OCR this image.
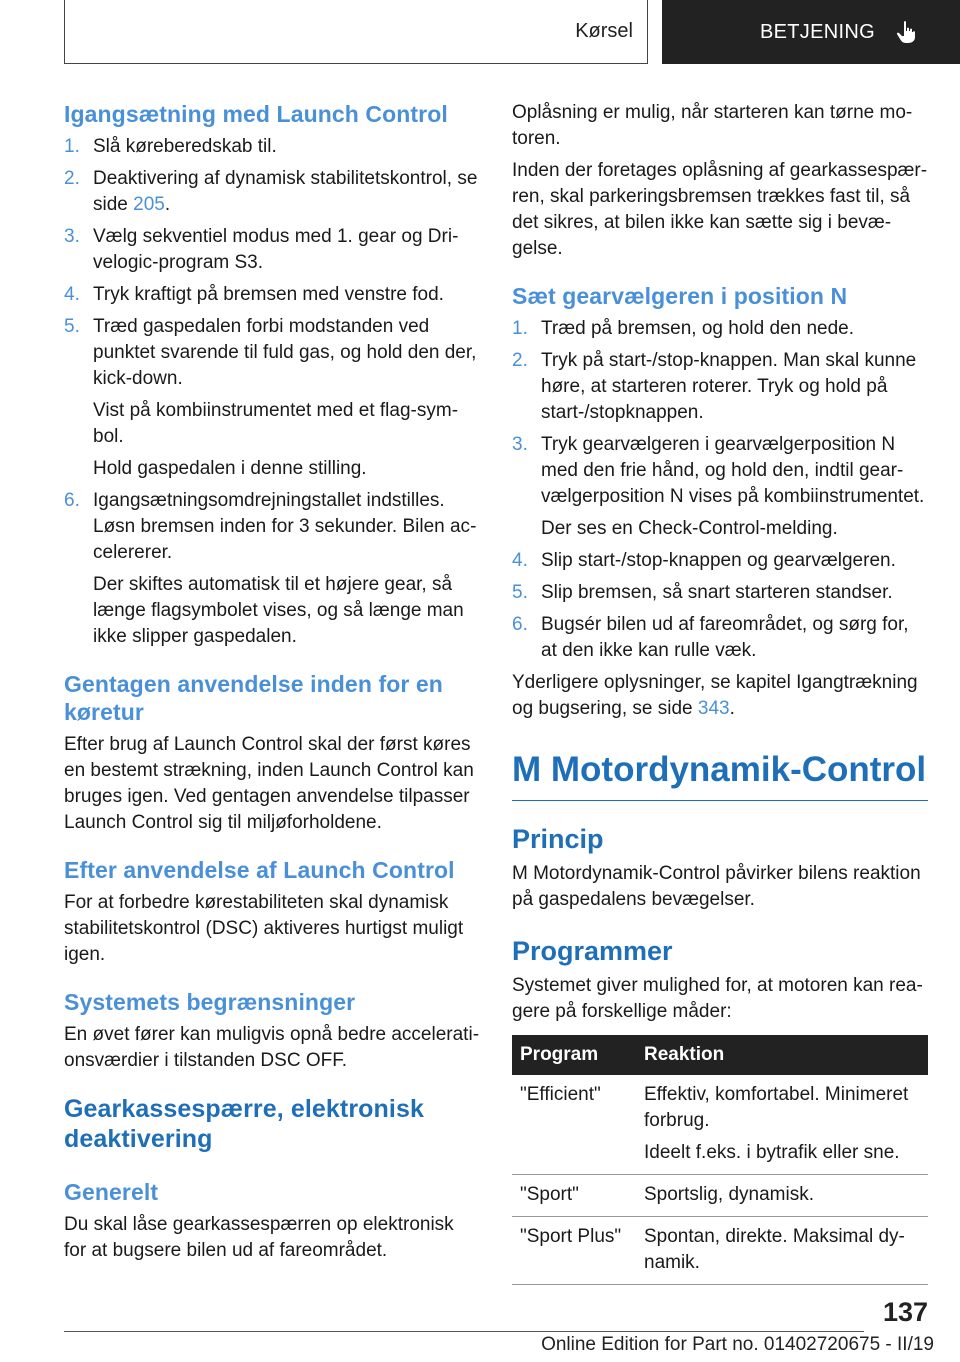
Kørsel	BETJENING
Igangsætning med Launch Control
1. Slå kørеberedskab til.
2. Deaktivering af dynamisk stabilitetskontrol, se side 205.
3. Vælg sekventiel modus med 1. gear og Drivelogic-program S3.
4. Tryk kraftigt på bremsen med venstre fod.
5. Træd gaspedalen forbi modstanden ved punktet svarende til fuld gas, og hold den der, kick-down.

Vist på kombiinstrumentet med et flag-symbol.

Hold gaspedalen i denne stilling.

6. Igangsætningsomdrejningstallet indstilles. Løsn bremsen inden for 3 sekunder. Bilen accelererer.

Der skiftes automatisk til et højere gear, så længe flagsymbolet vises, og så længe man ikke slipper gaspedalen.

Gentagen anvendelse inden for en køretur

Efter brug af Launch Control skal der først køres en bestemt strækning, inden Launch Control kan bruges igen. Ved gentagen anvendelse tilpasser Launch Control sig til miljøforholdene.

Efter anvendelse af Launch Control

For at forbedre kørestabiliteten skal dynamisk stabilitetskontrol (DSC) aktiveres hurtigst muligt igen.

Systemets begrænsninger

En øvet fører kan muligvis opnå bedre accelerationsværdier i tilstanden DSC OFF.

Gearkassespærre, elektronisk deaktivering
Generelt

Du skal låse gearkassespærren op elektronisk for at bugsere bilen ud af fareområdet.

Oplåsning er mulig, når starteren kan tørne motoren.

Inden der foretages oplåsning af gearkassespærren, skal parkeringsbremsen trækkes fast til, så det sikres, at bilen ikke kan sætte sig i bevægelse.

Sæt gearvælgeren i position N
1. Træd på bremsen, og hold den nede.
2. Tryk på start-/stop-knappen. Man skal kunne høre, at starteren roterer. Tryk og hold på start-/stopknappen.
3. Tryk gearvælgeren i gearvælgerposition N med den frie hånd, og hold den, indtil gearvælgerposition N vises på kombiinstrumentet.

Der ses en Check-Control-melding.

4. Slip start-/stop-knappen og gearvælgeren.
5. Slip bremsen, så snart starteren standser.
6. Bugsér bilen ud af fareområdet, og sørg for, at den ikke kan rulle væk.

Yderligere oplysninger, se kapitel Igangtrækning og bugsering, se side 343.

M Motordynamik-Control
Princip

M Motordynamik-Control påvirker bilens reaktion på gaspedalens bevægelser.

Programmer

Systemet giver mulighed for, at motoren kan reagere på forskellige måder:

Program	Reaktion
"Efficient"	Effektiv, komfortabel. Minimeret forbrug.

Ideelt f.eks. i bytrafik eller sne.

"Sport"	Sportslig, dynamisk.

"Sport Plus"	Spontan, direkte. Maksimal dynamik.

137
Online Edition for Part no. 01402720675 - II/19
